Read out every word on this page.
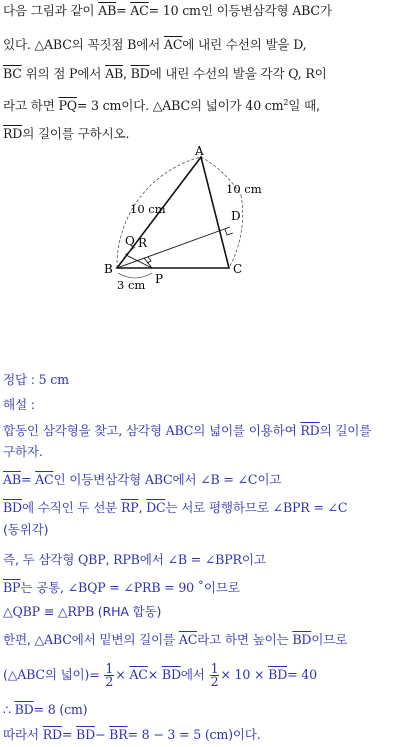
다음 그림과 같이 $\overline{AB}= \overline{AC}= 10$ cm인 이등변삼각형 ABC가
있다. △ABC의 꼭짓점 B에서 $\overline{AC}$에 내린 수선의 발을 D,
$\overline{BC}$ 위의 점 P에서 $\overline{AB}$, $\overline{BD}$에 내린 수선의 발을 각각 Q, R이
라고 하면 $\overline{PQ}= 3$ cm이다. △ABC의 넓이가 40 $cm^2$일 때,
$\overline{RD}$의 길이를 구하시오.
A
B	C
D
P
Q R
10 cm
10 cm
3 cm
정답 : 5 cm
해설 :
합동인 삼각형을 찾고, 삼각형 ABC의 넓이를 이용하여 $\overline{RD}$의 길이를
구하자.
$\overline{AB}= \overline{AC}$인 이등변삼각형 ABC에서 ∠B = ∠C이고
$\overline{BD}$에 수직인 두 선분 $\overline{RP}$, $\overline{DC}$는 서로 평행하므로 ∠BPR = ∠C
(동위각)
즉, 두 삼각형 QBP, RPB에서 ∠B = ∠BPR이고
$\overline{BP}$는 공통, ∠BQP = ∠PRB = 90 ˚이므로
△QBP ≡ △RPB (RHA 합동)
한편, △ABC에서 밑변의 길이를 $\overline{AC}$라고 하면 높이는 $\overline{BD}$이므로
(△ABC의 넓이)= $\frac{1}{2} \times \overline{AC}\times \overline{BD}$에서 $\frac{1}{2} \times 10 \times \overline{BD}= 40$
∴ $\overline{BD}= 8$ (cm)
따라서 $\overline{RD}= \overline{BD}- \overline{BR}= 8 - 3 = 5$ (cm)이다.
